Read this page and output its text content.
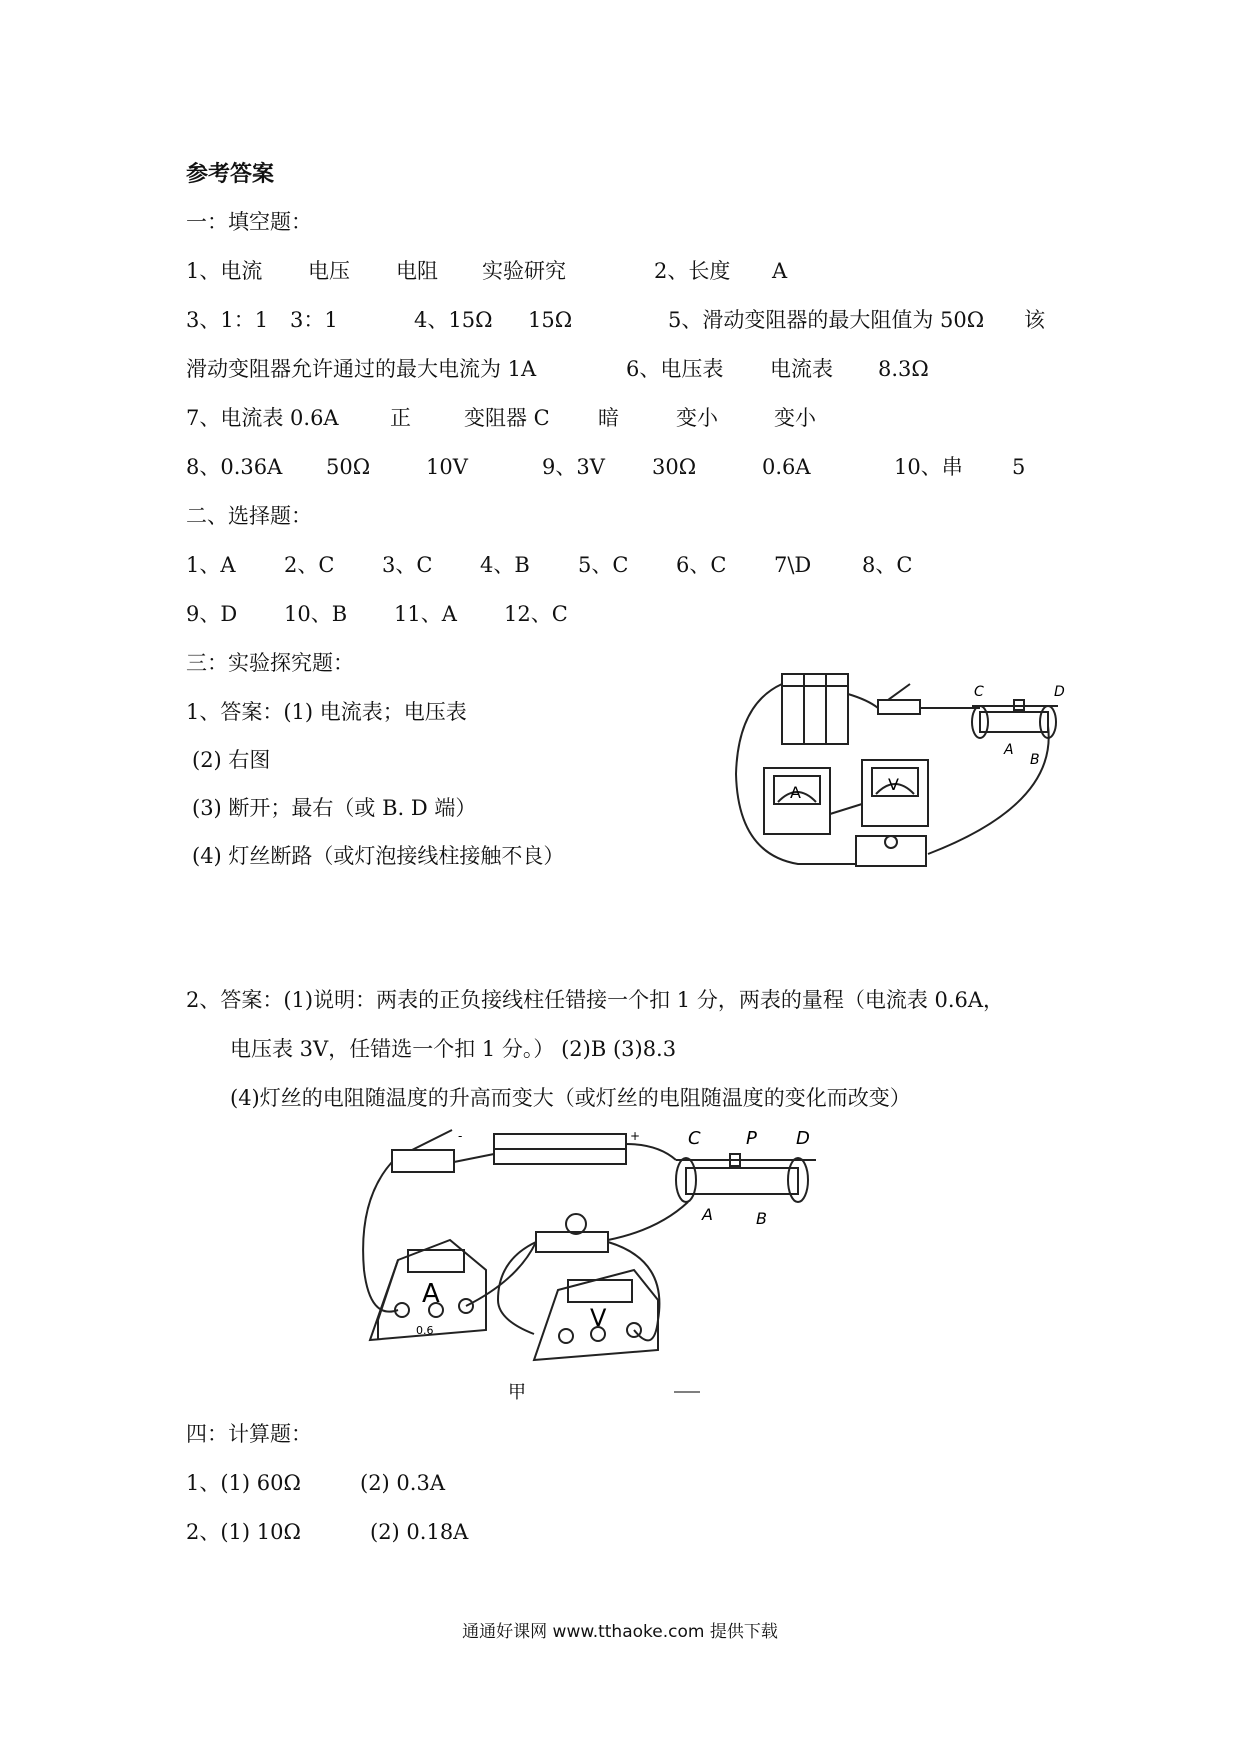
参考答案
一：填空题：
1、电流 电压 电阻 实验研究	2、长度 A
3、1：1 3：1	4、15Ω 15Ω	5、滑动变阻器的最大阻值为 50Ω 该
滑动变阻器允许通过的最大电流为 1A	6、电压表 电流表 8.3Ω
7、电流表 0.6A 正	变阻器 C 暗	变小	变小
8、0.36A 50Ω	10V	9、3V 30Ω	0.6A	10、串 5
二、选择题：
1、A 2、C 3、C 4、B 5、C 6、C 7\D 8、C
9、D 10、B 11、A 12、C
三：实验探究题：
1、答案：(1) 电流表；电压表
(2) 右图
(3) 断开；最右（或 B. D 端）
(4) 灯丝断路（或灯泡接线柱接触不良）
C	D
A
B
A	V
2、答案：(1)说明：两表的正负接线柱任错接一个扣 1 分，两表的量程（电流表 0.6A，
电压表 3V，任错选一个扣 1 分。） (2)B (3)8.3
(4)灯丝的电阻随温度的升高而变大（或灯丝的电阻随温度的变化而改变）
-	+	C	P D
A	B
A
0.6	V
甲
四：计算题：
1、(1) 60Ω	(2) 0.3A
2、(1) 10Ω	(2) 0.18A
通通好课网 www.tthaoke.com 提供下载
